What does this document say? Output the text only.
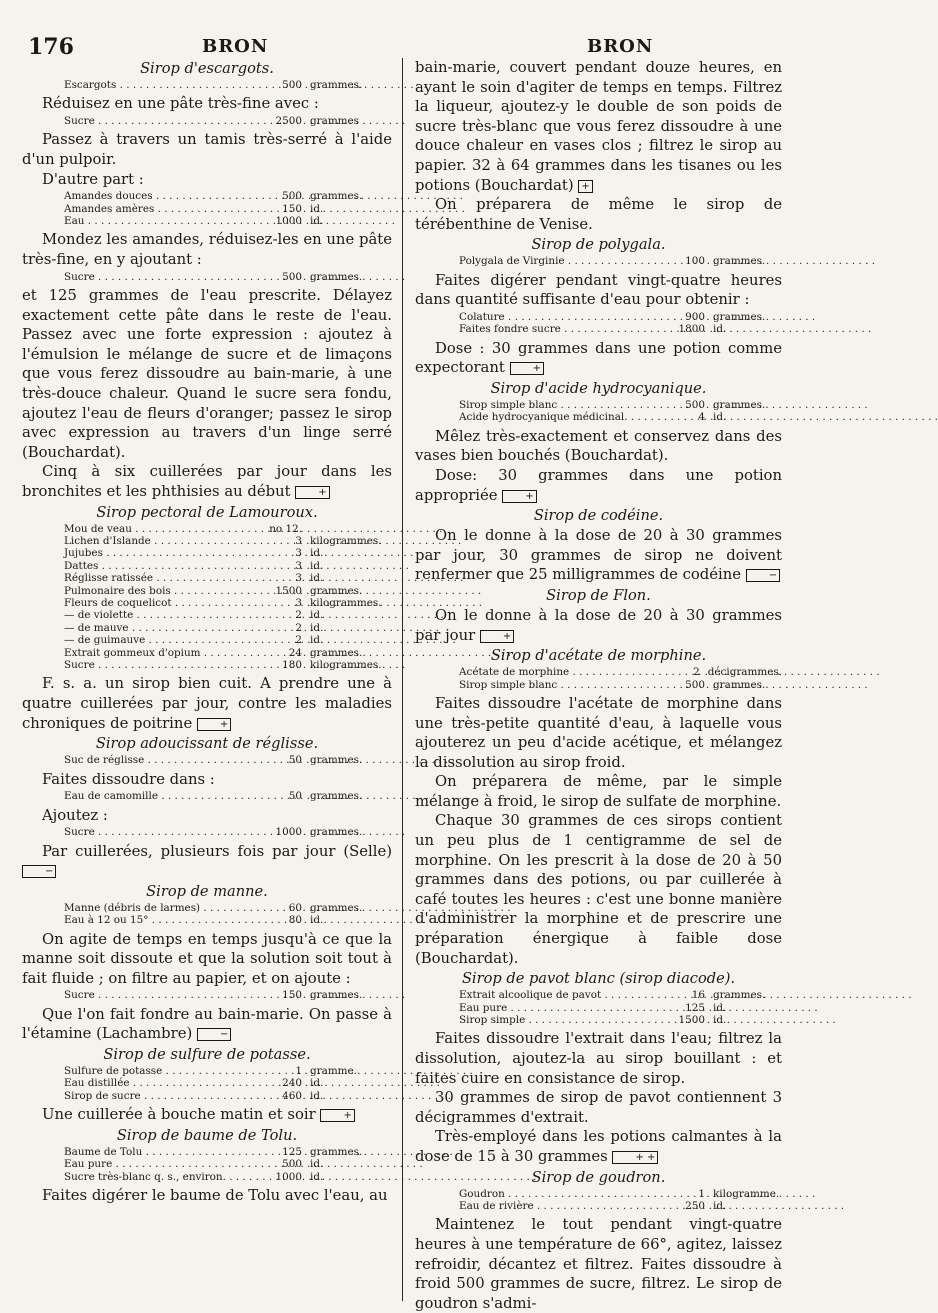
176	BRON	BRON
Sirop d'escargots.
Escargots . . .	500 grammes.

Réduisez en une pâte très-fine avec :

Sucre . . .	2500 grammes

Passez à travers un tamis très-serré à l'aide d'un pulpoir.

D'autre part :

Amandes douces . . .	500 grammes.
Amandes amères . . .	150 id.
Eau . . .	1000 id.

Mondez les amandes, réduisez-les en une pâte très-fine, en y ajoutant :

Sucre . . .	500 grammes.

et 125 grammes de l'eau prescrite. Délayez exactement cette pâte dans le reste de l'eau. Passez avec une forte expression : ajoutez à l'émulsion le mélange de sucre et de limaçons que vous ferez dissoudre au bain-marie, à une très-douce chaleur. Quand le sucre sera fondu, ajoutez l'eau de fleurs d'oranger; passez le sirop avec expression au travers d'un linge serré (Bouchardat).

Cinq à six cuillerées par jour dans les bronchites et les phthisies au début	+

Sirop pectoral de Lamouroux.
Mou de veau . . .	no 12.
Lichen d'Islande . . .	3 kilogrammes.
Jujubes . . .	3 id.
Dattes . . .	3 id.
Réglisse ratissée . . .	3 id.
Pulmonaire des bois . . .	1500 grammes.
Fleurs de coquelicot . . .	3 kilogrammes.
— de violette . . .	2 id.
— de mauve . . .	2 id.
— de guimauve . . .	2 id.
Extrait gommeux d'opium . . .	24 grammes.
Sucre . . .	180 kilogrammes.

F. s. a. un sirop bien cuit. A prendre une à quatre cuillerées par jour, contre les maladies chroniques de poitrine	+

Sirop adoucissant de réglisse.
Suc de réglisse . . .	50 grammes.

Faites dissoudre dans :

Eau de camomille . . .	50 grammes.

Ajoutez :

Sucre . . .	1000 grammes.

Par cuillerées, plusieurs fois par jour (Selle) −

Sirop de manne.
Manne (débris de larmes) . . .	60 grammes.
Eau à 12 ou 15° . . .	80 id.

On agite de temps en temps jusqu'à ce que la manne soit dissoute et que la solution soit tout à fait fluide ; on filtre au papier, et on ajoute :

Sucre . . .	150 grammes.

Que l'on fait fondre au bain-marie. On passe à l'étamine (Lachambre)	−

Sirop de sulfure de potasse.
Sulfure de potasse . . .	1 gramme.
Eau distillée . . .	240 id.
Sirop de sucre . . .	460 id.

Une cuillerée à bouche matin et soir	+

Sirop de baume de Tolu.
Baume de Tolu . . .	125 grammes.
Eau pure . . .	500 id.
Sucre très-blanc q. s., environ. . . .	1000 id.

Faites digérer le baume de Tolu avec l'eau, au

bain-marie, couvert pendant douze heures, en ayant le soin d'agiter de temps en temps. Filtrez la liqueur, ajoutez-y le double de son poids de sucre très-blanc que vous ferez dissoudre à une douce chaleur en vases clos ; filtrez le sirop au papier. 32 à 64 grammes dans les tisanes ou les potions (Bouchardat) +

On préparera de même le sirop de térébenthine de Venise.

Sirop de polygala.
Polygala de Virginie . . .	100 grammes.

Faites digérer pendant vingt-quatre heures dans quantité suffisante d'eau pour obtenir :

Colature . . .	900 grammes.
Faites fondre sucre . . .	1800 id.

Dose : 30 grammes dans une potion comme expectorant	+

Sirop d'acide hydrocyanique.
Sirop simple blanc . . .	500 grammes.
Acide hydrocyanique médicinal. . . .	4 id.

Mêlez très-exactement et conservez dans des vases bien bouchés (Bouchardat).

Dose: 30 grammes dans une potion appropriée	+

Sirop de codéine.

On le donne à la dose de 20 à 30 grammes par jour, 30 grammes de sirop ne doivent renfermer que 25 milligrammes de codéine	−

Sirop de Flon.

On le donne à la dose de 20 à 30 grammes par jour	+

Sirop d'acétate de morphine.
Acétate de morphine . . .	2 décigrammes.
Sirop simple blanc . . .	500 grammes.

Faites dissoudre l'acétate de morphine dans une très-petite quantité d'eau, à laquelle vous ajouterez un peu d'acide acétique, et mélangez la dissolution au sirop froid.

On préparera de même, par le simple mélange à froid, le sirop de sulfate de morphine.

Chaque 30 grammes de ces sirops contient un peu plus de 1 centigramme de sel de morphine. On les prescrit à la dose de 20 à 50 grammes dans des potions, ou par cuillerée à café toutes les heures : c'est une bonne manière d'administrer la morphine et de prescrire une préparation énergique à faible dose (Bouchardat).

Sirop de pavot blanc (sirop diacode).
Extrait alcoolique de pavot . . .	16 grammes.
Eau pure . . .	125 id.
Sirop simple . . .	1500 id.

Faites dissoudre l'extrait dans l'eau; filtrez la dissolution, ajoutez-la au sirop bouillant : et faites cuire en consistance de sirop.

30 grammes de sirop de pavot contiennent 3 décigrammes d'extrait.

Très-employé dans les potions calmantes à la dose de 15 à 30 grammes	+ +

Sirop de goudron.
Goudron . . .	1 kilogramme.
Eau de rivière . . .	250 id.

Maintenez le tout pendant vingt-quatre heures à une température de 66°, agitez, laissez refroidir, décantez et filtrez. Faites dissoudre à froid 500 grammes de sucre, filtrez. Le sirop de goudron s'admi-
